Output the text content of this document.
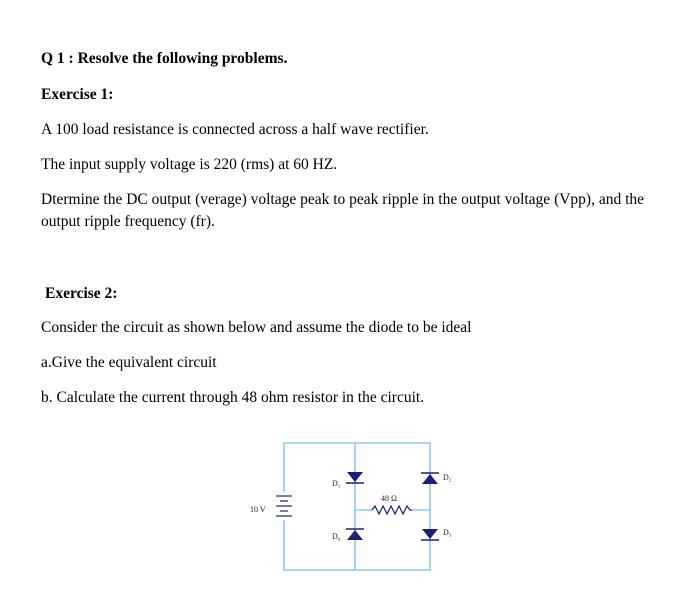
Q 1 : Resolve the following problems.
Exercise 1:
A 100 load resistance is connected across a half wave rectifier.
The input supply voltage is 220 (rms) at 60 HZ.
Dtermine the DC output (verage) voltage peak to peak ripple in the output voltage (Vpp), and the output ripple frequency (fr).
Exercise 2:
Consider the circuit as shown below and assume the diode to be ideal
a.Give the equivalent circuit
b. Calculate the current through 48 ohm resistor in the circuit.
10 V
D₁
D₄
D₂
D₃
48 Ω
